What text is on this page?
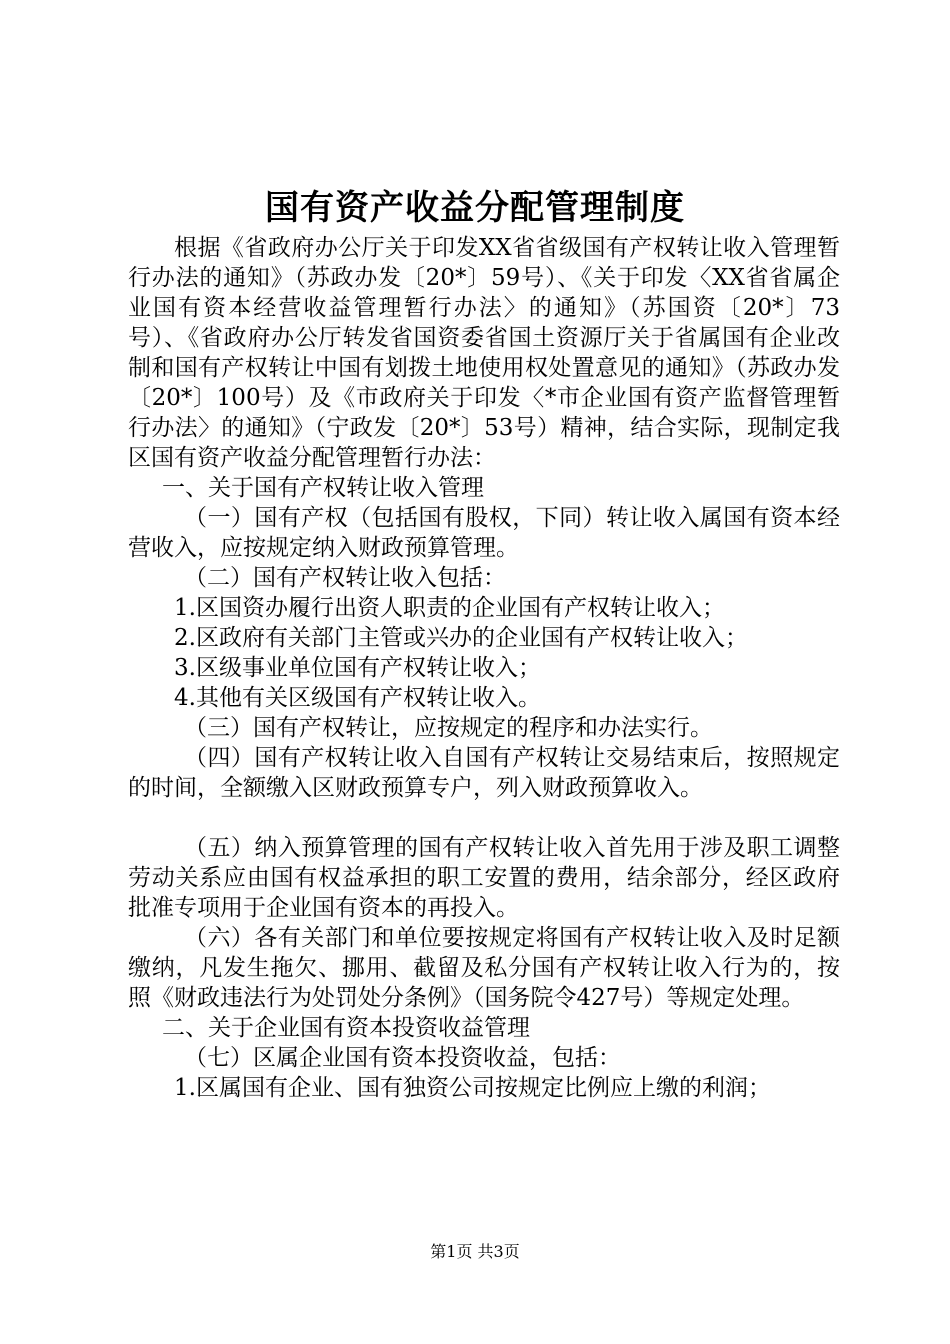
国有资产收益分配管理制度

根据《省政府办公厅关于印发XX省省级国有产权转让收入管理暂行办法的通知》（苏政办发〔20*〕59号）、《关于印发〈XX省省属企业国有资本经营收益管理暂行办法〉的通知》（苏国资〔20*〕73号）、《省政府办公厅转发省国资委省国土资源厅关于省属国有企业改制和国有产权转让中国有划拨土地使用权处置意见的通知》（苏政办发〔20*〕100号）及《市政府关于印发〈*市企业国有资产监督管理暂行办法〉的通知》（宁政发〔20*〕53号）精神，结合实际，现制定我区国有资产收益分配管理暂行办法：

一、关于国有产权转让收入管理

（一）国有产权（包括国有股权，下同）转让收入属国有资本经营收入，应按规定纳入财政预算管理。

（二）国有产权转让收入包括：

1.区国资办履行出资人职责的企业国有产权转让收入；

2.区政府有关部门主管或兴办的企业国有产权转让收入；

3.区级事业单位国有产权转让收入；

4.其他有关区级国有产权转让收入。

（三）国有产权转让，应按规定的程序和办法实行。

（四）国有产权转让收入自国有产权转让交易结束后，按照规定的时间，全额缴入区财政预算专户，列入财政预算收入。

（五）纳入预算管理的国有产权转让收入首先用于涉及职工调整劳动关系应由国有权益承担的职工安置的费用，结余部分，经区政府批准专项用于企业国有资本的再投入。

（六）各有关部门和单位要按规定将国有产权转让收入及时足额缴纳，凡发生拖欠、挪用、截留及私分国有产权转让收入行为的，按照《财政违法行为处罚处分条例》（国务院令427号）等规定处理。

二、关于企业国有资本投资收益管理

（七）区属企业国有资本投资收益，包括：

1.区属国有企业、国有独资公司按规定比例应上缴的利润；

第1页 共3页
